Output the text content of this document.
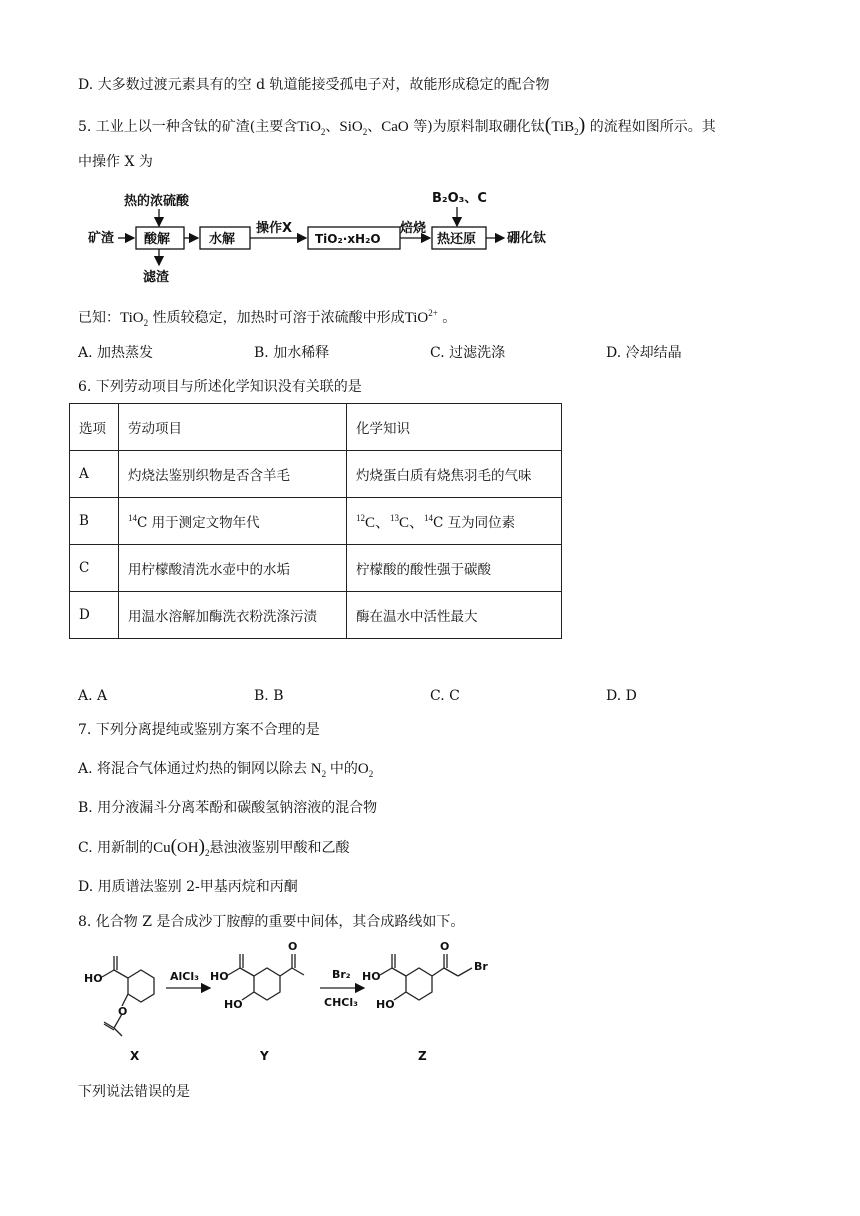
D. 大多数过渡元素具有的空 d 轨道能接受孤电子对，故能形成稳定的配合物
5. 工业上以一种含钛的矿渣(主要含TiO$_2$、SiO$_2$、CaO 等)为原料制取硼化钛(TiB$_2$) 的流程如图所示。其
中操作 X 为
矿渣
热的浓硫酸
酸解
滤渣
水解
操作X
TiO₂·xH₂O
焙烧
B₂O₃、C
热还原 硼化钛
已知：TiO$_2$ 性质较稳定，加热时可溶于浓硫酸中形成TiO$^{2+}$ 。
A. 加热蒸发	B. 加水稀释	C. 过滤洗涤	D. 冷却结晶
6. 下列劳动项目与所述化学知识没有关联的是
选项	劳动项目	化学知识
A	灼烧法鉴别织物是否含羊毛	灼烧蛋白质有烧焦羽毛的气味
B	$^{14}$C 用于测定文物年代	$^{12}$C、$^{13}$C、$^{14}$C 互为同位素
C	用柠檬酸清洗水壶中的水垢	柠檬酸的酸性强于碳酸
D	用温水溶解加酶洗衣粉洗涤污渍	酶在温水中活性最大
A. A	B. B	C. C	D. D
7. 下列分离提纯或鉴别方案不合理的是
A. 将混合气体通过灼热的铜网以除去 $N_2$ 中的$O_2$
B. 用分液漏斗分离苯酚和碳酸氢钠溶液的混合物
C. 用新制的$Cu(OH)_2$悬浊液鉴别甲酸和乙酸
D. 用质谱法鉴别 2-甲基丙烷和丙酮
8. 化合物 Z 是合成沙丁胺醇的重要中间体，其合成路线如下。
HO
O
X
AlCl₃ HO
HO
O
Y
Br₂
CHCl₃
HO
HO
O
Br
Z
下列说法错误的是
